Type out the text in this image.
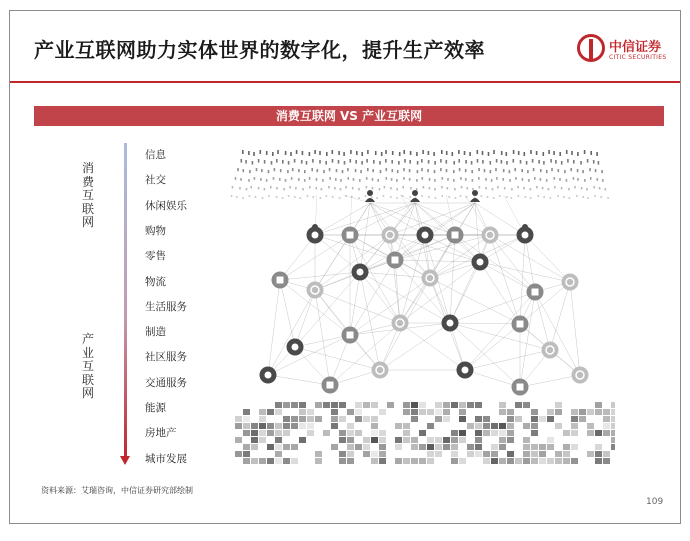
产业互联网助力实体世界的数字化，提升生产效率	中信证券
CITIC SECURITIES
消费互联网 VS 产业互联网
消
费
互
联
网
产
业
互
联
网
信息
社交
休闲娱乐
购物
零售
物流
生活服务
制造
社区服务
交通服务
能源
房地产
城市发展
资料来源：艾瑞咨询，中信证券研究部绘制
109
